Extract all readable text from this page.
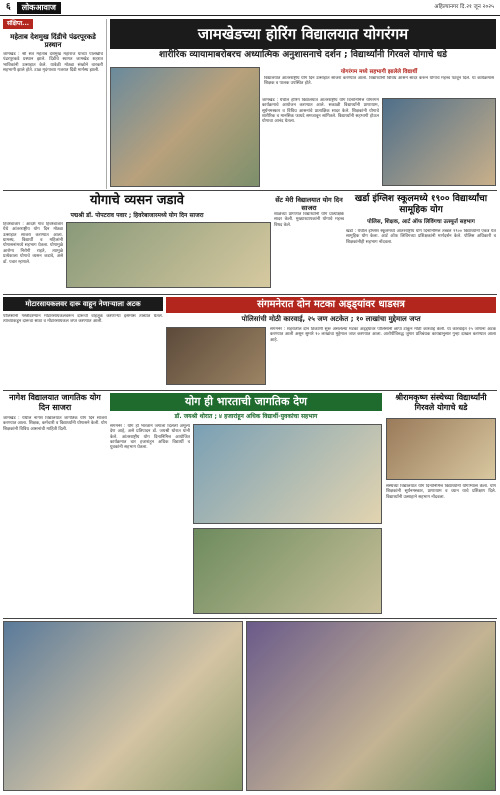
६	लोकआवाज	अहिल्यानगर दि.२१ जून २०२५
संक्षिप्त...
महेताब देशमुख दिंडीचे पंढरपूरकडे प्रस्थान
जामखेड : श्री संत महेताब देशमुख महाराज यांच्या पालखीचे पंढरपूरकडे प्रस्थान झाले. दिंडीचे स्वागत जामखेड शहरात भाविकांनी उत्साहात केले. यावेळी मोठ्या संख्येने वारकरी सहभागी झाले होते. टाळ मृदंगाच्या गजरात दिंडी मार्गस्थ झाली.
जामखेडच्या होरिंग विद्यालयात योगरंगम
शारीरिक व्यायामाबरोबरच अध्यात्मिक अनुशासनाचे दर्शन ; विद्यार्थ्यांनी गिरवले योगाचे धडे
योगरंगम मध्ये सहभागी झालेले विद्यार्थी
विद्यालयात आंतरराष्ट्रीय योग दिन उत्साहात साजरा करण्यात आला. विद्यार्थ्यांनी विविध आसने सादर करून योगाचे महत्त्व पटवून दिले. या कार्यक्रमास शिक्षक व पालक उपस्थित होते.
जामखेड : येथील होरिंग विद्यालयात आंतरराष्ट्रीय योग दिनानिमित्त योगरंगम कार्यक्रमाचे आयोजन करण्यात आले. सकाळी विद्यार्थ्यांनी प्राणायाम, सूर्यनमस्कार व विविध आसनांचे प्रात्यक्षिक सादर केले. शिक्षकांनी योगाचे शारीरिक व मानसिक फायदे समजावून सांगितले. विद्यार्थ्यांनी सहभागी होऊन योगाचा आनंद घेतला.
योगाचे व्यसन जडावे
पद्मश्री डॉ. पोपटराव पवार ; हिवरेबाजारमध्ये योग दिन साजरा
हिवरेबाजार : आदर्श गाव हिवरेबाजार येथे आंतरराष्ट्रीय योग दिन मोठ्या उत्साहात साजरा करण्यात आला. ग्रामस्थ, विद्यार्थी व महिलांनी योगासनांमध्ये सहभाग घेतला. योगामुळे आरोग्य निरोगी राहते, त्यामुळे प्रत्येकाला योगाचे व्यसन जडावे, असे डॉ. पवार म्हणाले.
सेंट मेरी विद्यालयात योग दिन साजरा
शाळेच्या प्रांगणात विद्यार्थ्यांनी योग प्रात्यक्षिके सादर केली. मुख्याध्यापकांनी योगाचे महत्त्व विषद केले.
खर्डा इंग्लिश स्कूलमध्ये १९०० विद्यार्थ्यांचा सामूहिक योग
पोलिस, शिक्षक, आर्ट ऑफ लिविंगचा उत्स्फूर्त सहभाग
खर्डा : येथील इंग्लिश स्कूलमध्ये आंतरराष्ट्रीय योग दिनानिमित्त तब्बल १९०० विद्यार्थ्यांनी एकत्र येत सामूहिक योग केला. आर्ट ऑफ लिविंगच्या प्रशिक्षकांनी मार्गदर्शन केले. पोलिस अधिकारी व शिक्षकांनीही सहभाग नोंदवला.
मोटारसायकलवर दारू वाहून नेणाऱ्याला अटक
पोलिसांनी गस्तीदरम्यान मोटारसायकलवरून दारूची वाहतूक करणाऱ्या इसमास ताब्यात घेतले. त्याच्याकडून दारूचा साठा व मोटारसायकल जप्त करण्यात आली.
संगमनेरात दोन मटका अड्ड्यांवर धाडसत्र
पोलिसांची मोठी कारवाई, २५ जण अटकेत ; १० लाखांचा मुद्देमाल जप्त
संगमनेर : शहरातील दोन ठिकाणी सुरू असलेल्या मटका अड्ड्यांवर पोलिसांनी छापा टाकून मोठी कारवाई केली. या कारवाईत २५ जणांना अटक करण्यात आली असून सुमारे १० लाखांचा मुद्देमाल जप्त करण्यात आला. आरोपींविरुद्ध जुगार प्रतिबंधक कायद्यानुसार गुन्हा दाखल करण्यात आला आहे.
नागेश विद्यालयात जागतिक योग दिन साजरा
जामखेड : येथील नागेश विद्यालयात जागतिक योग दिन साजरा करण्यात आला. शिक्षक, कर्मचारी व विद्यार्थ्यांनी योगासने केली. योग शिक्षकांनी विविध आसनांची माहिती दिली.
योग ही भारताची जागतिक देण
डॉ. जयश्री थोरात ; ४ हजारांहून अधिक विद्यार्थी-युवकांचा सहभाग
संगमनेर : योग ही भारताने जगाला दिलेली अमूल्य देण आहे, असे प्रतिपादन डॉ. जयश्री थोरात यांनी केले. आंतरराष्ट्रीय योग दिनानिमित्त आयोजित कार्यक्रमात चार हजारांहून अधिक विद्यार्थी व युवकांनी सहभाग घेतला.
श्रीरामकृष्ण संस्थेच्या विद्यार्थ्यांनी गिरवले योगाचे धडे
संस्थेच्या विद्यालयात योग दिनानिमित्त विद्यार्थ्यांनी योगाभ्यास केला. योग शिक्षकांनी सूर्यनमस्कार, प्राणायाम व ध्यान याचे प्रशिक्षण दिले. विद्यार्थ्यांनी उत्साहाने सहभाग नोंदवला.
